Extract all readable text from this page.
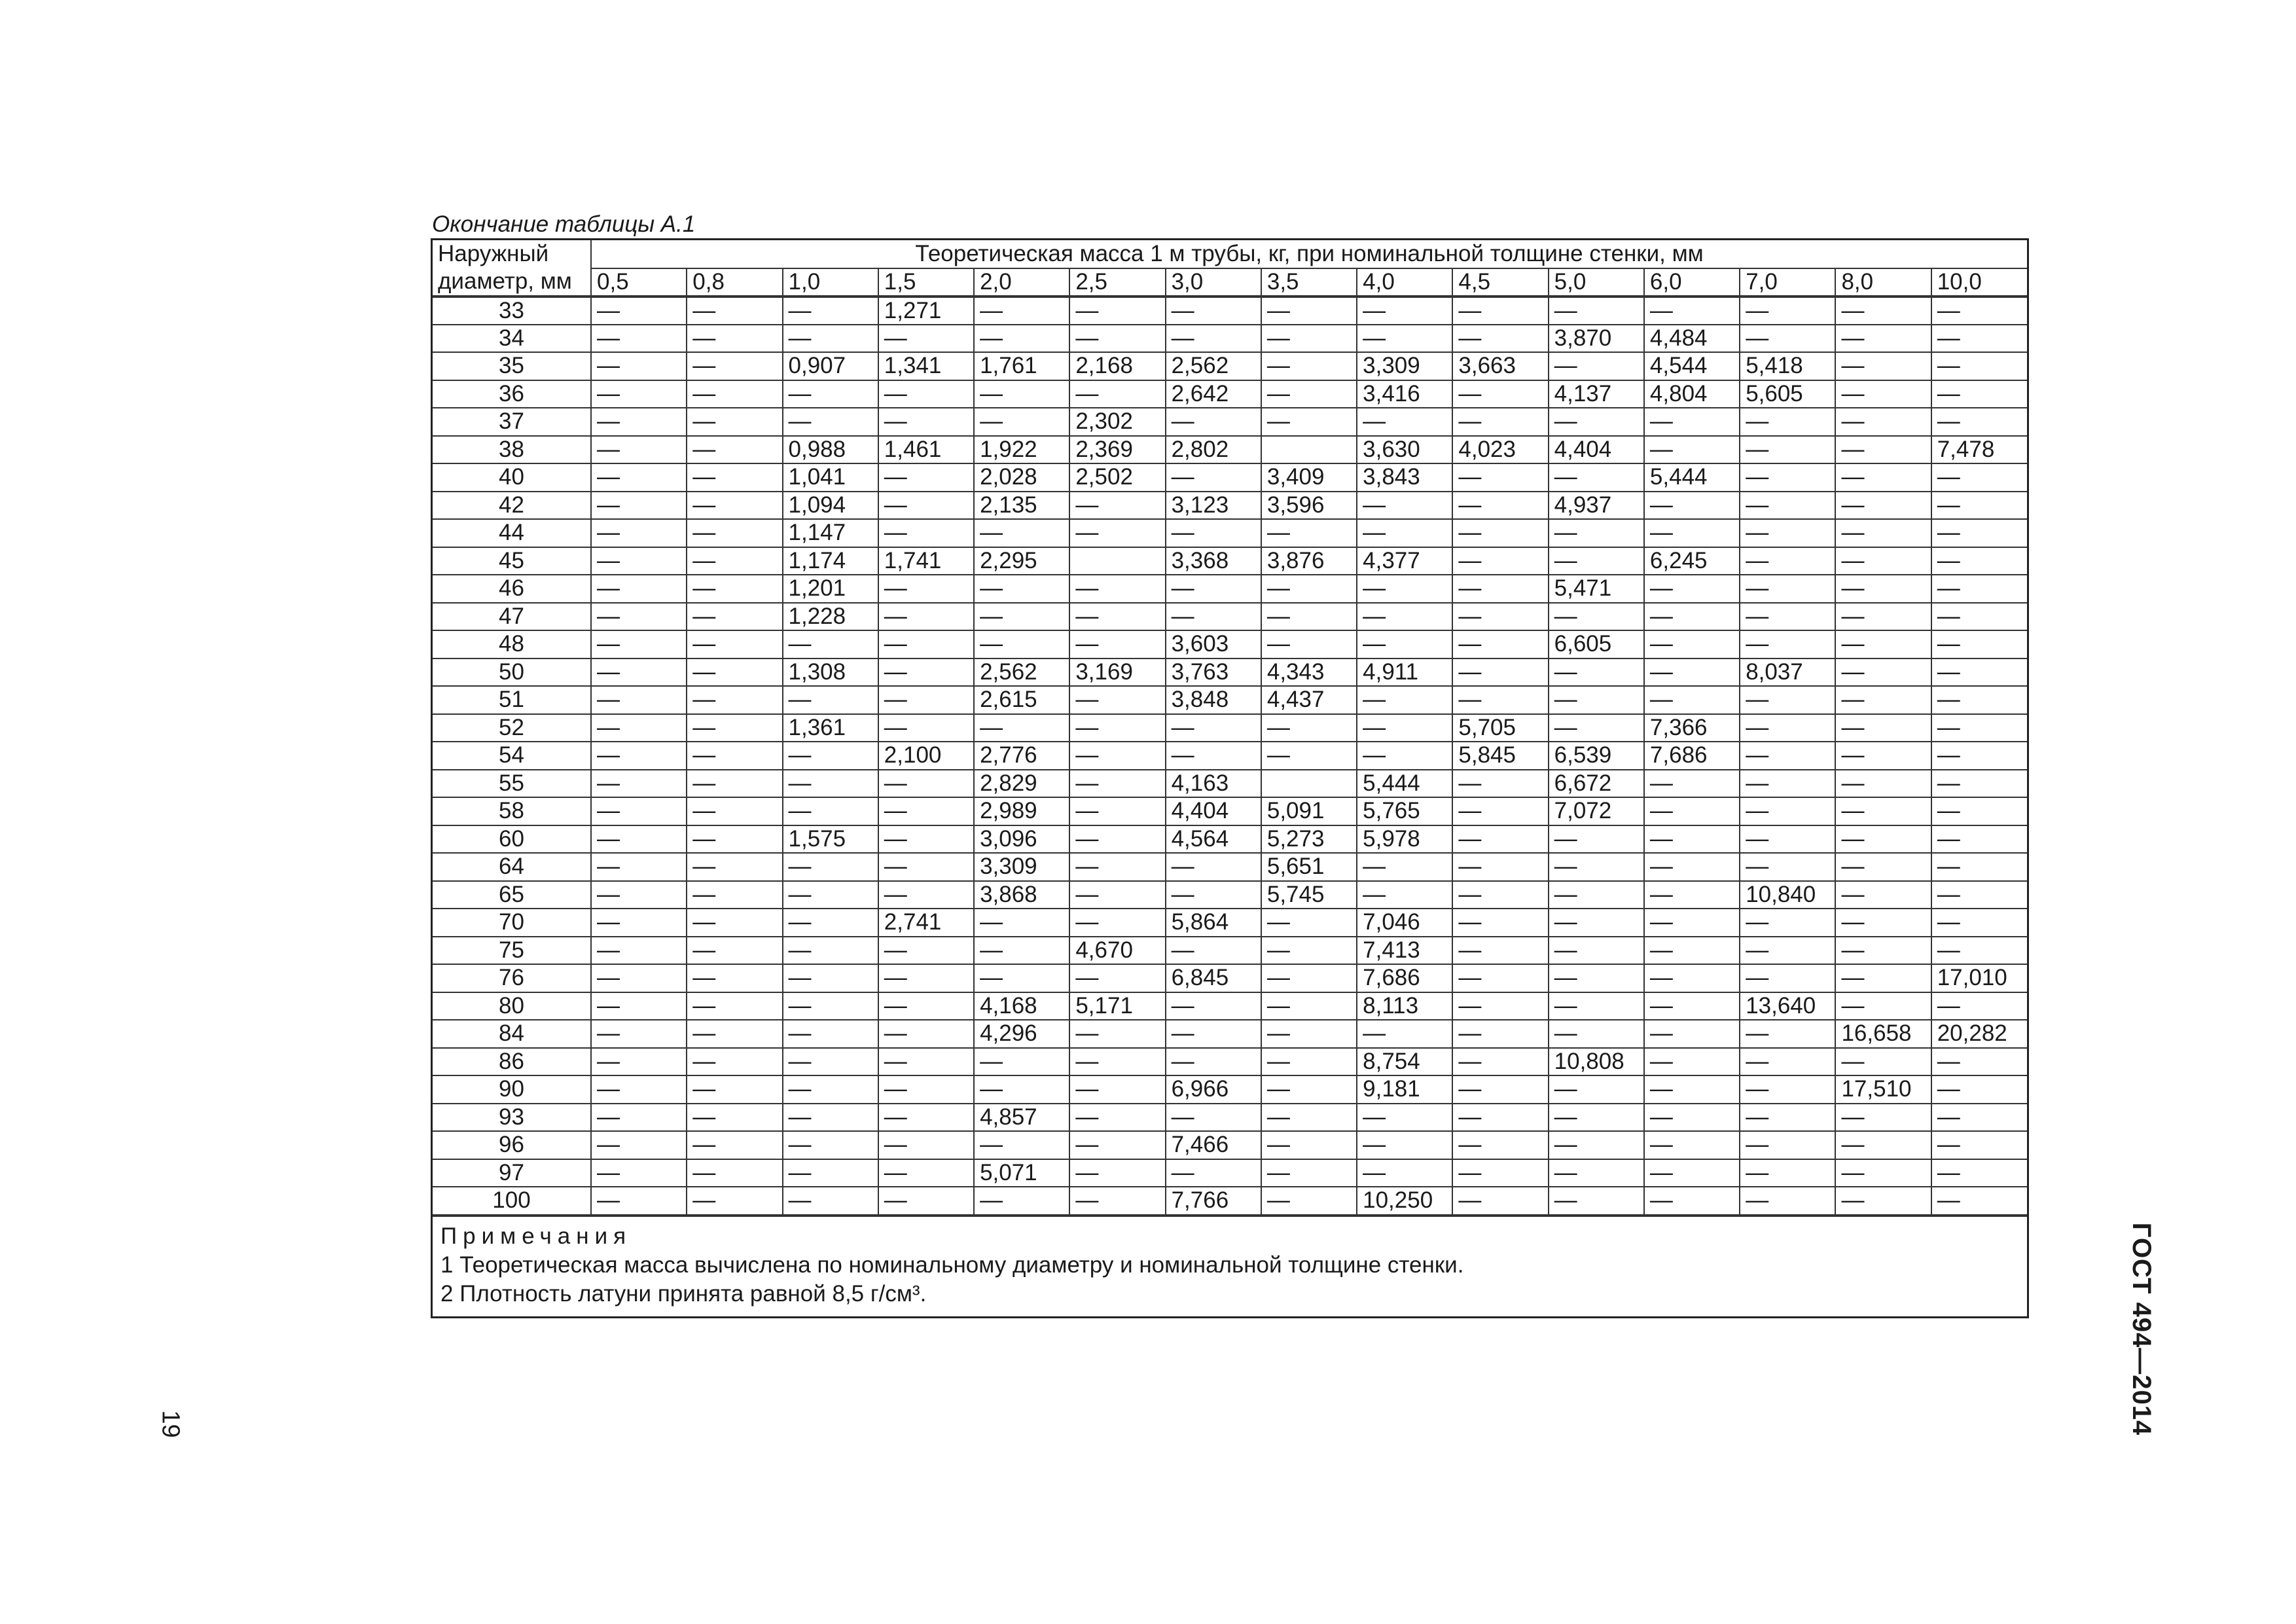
Окончание таблицы А.1
Наружный	Теоретическая масса 1 м трубы, кг, при номинальной толщине стенки, мм														
диаметр, мм	0,5	0,8	1,0	1,5	2,0	2,5	3,0	3,5	4,0	4,5	5,0	6,0	7,0	8,0	10,0
33	—	—	—	1,271	—	—	—	—	—	—	—	—	—	—	—
34	—	—	—	—	—	—	—	—	—	—	3,870	4,484	—	—	—
35	—	—	0,907	1,341	1,761	2,168	2,562	—	3,309	3,663	—	4,544	5,418	—	—
36	—	—	—	—	—	—	2,642	—	3,416	—	4,137	4,804	5,605	—	—
37	—	—	—	—	—	2,302	—	—	—	—	—	—	—	—	—
38	—	—	0,988	1,461	1,922	2,369	2,802		3,630	4,023	4,404	—	—	—	7,478
40	—	—	1,041	—	2,028	2,502	—	3,409	3,843	—	—	5,444	—	—	—
42	—	—	1,094	—	2,135	—	3,123	3,596	—	—	4,937	—	—	—	—
44	—	—	1,147	—	—	—	—	—	—	—	—	—	—	—	—
45	—	—	1,174	1,741	2,295		3,368	3,876	4,377	—	—	6,245	—	—	—
46	—	—	1,201	—	—	—	—	—	—	—	5,471	—	—	—	—
47	—	—	1,228	—	—	—	—	—	—	—	—	—	—	—	—
48	—	—	—	—	—	—	3,603	—	—	—	6,605	—	—	—	—
50	—	—	1,308	—	2,562	3,169	3,763	4,343	4,911	—	—	—	8,037	—	—
51	—	—	—	—	2,615	—	3,848	4,437	—	—	—	—	—	—	—
52	—	—	1,361	—	—	—	—	—	—	5,705	—	7,366	—	—	—
54	—	—	—	2,100	2,776	—	—	—	—	5,845	6,539	7,686	—	—	—
55	—	—	—	—	2,829	—	4,163		5,444	—	6,672	—	—	—	—
58	—	—	—	—	2,989	—	4,404	5,091	5,765	—	7,072	—	—	—	—
60	—	—	1,575	—	3,096	—	4,564	5,273	5,978	—	—	—	—	—	—
64	—	—	—	—	3,309	—	—	5,651	—	—	—	—	—	—	—
65	—	—	—	—	3,868	—	—	5,745	—	—	—	—	10,840	—	—
70	—	—	—	2,741	—	—	5,864	—	7,046	—	—	—	—	—	—
75	—	—	—	—	—	4,670	—	—	7,413	—	—	—	—	—	—
76	—	—	—	—	—	—	6,845	—	7,686	—	—	—	—	—	17,010
80	—	—	—	—	4,168	5,171	—	—	8,113	—	—	—	13,640	—	—
84	—	—	—	—	4,296	—	—	—	—	—	—	—	—	16,658	20,282
86	—	—	—	—	—	—	—	—	8,754	—	10,808	—	—	—	—
90	—	—	—	—	—	—	6,966	—	9,181	—	—	—	—	17,510	—
93	—	—	—	—	4,857	—	—	—	—	—	—	—	—	—	—
96	—	—	—	—	—	—	7,466	—	—	—	—	—	—	—	—
97	—	—	—	—	5,071	—	—	—	—	—	—	—	—	—	—
100	—	—	—	—	—	—	7,766	—	10,250	—	—	—	—	—	—
Примечания
1 Теоретическая масса вычислена по номинальному диаметру и номинальной толщине стенки.
2 Плотность латуни принята равной 8,5 г/см³.	ГОСТ 494—2014
19
